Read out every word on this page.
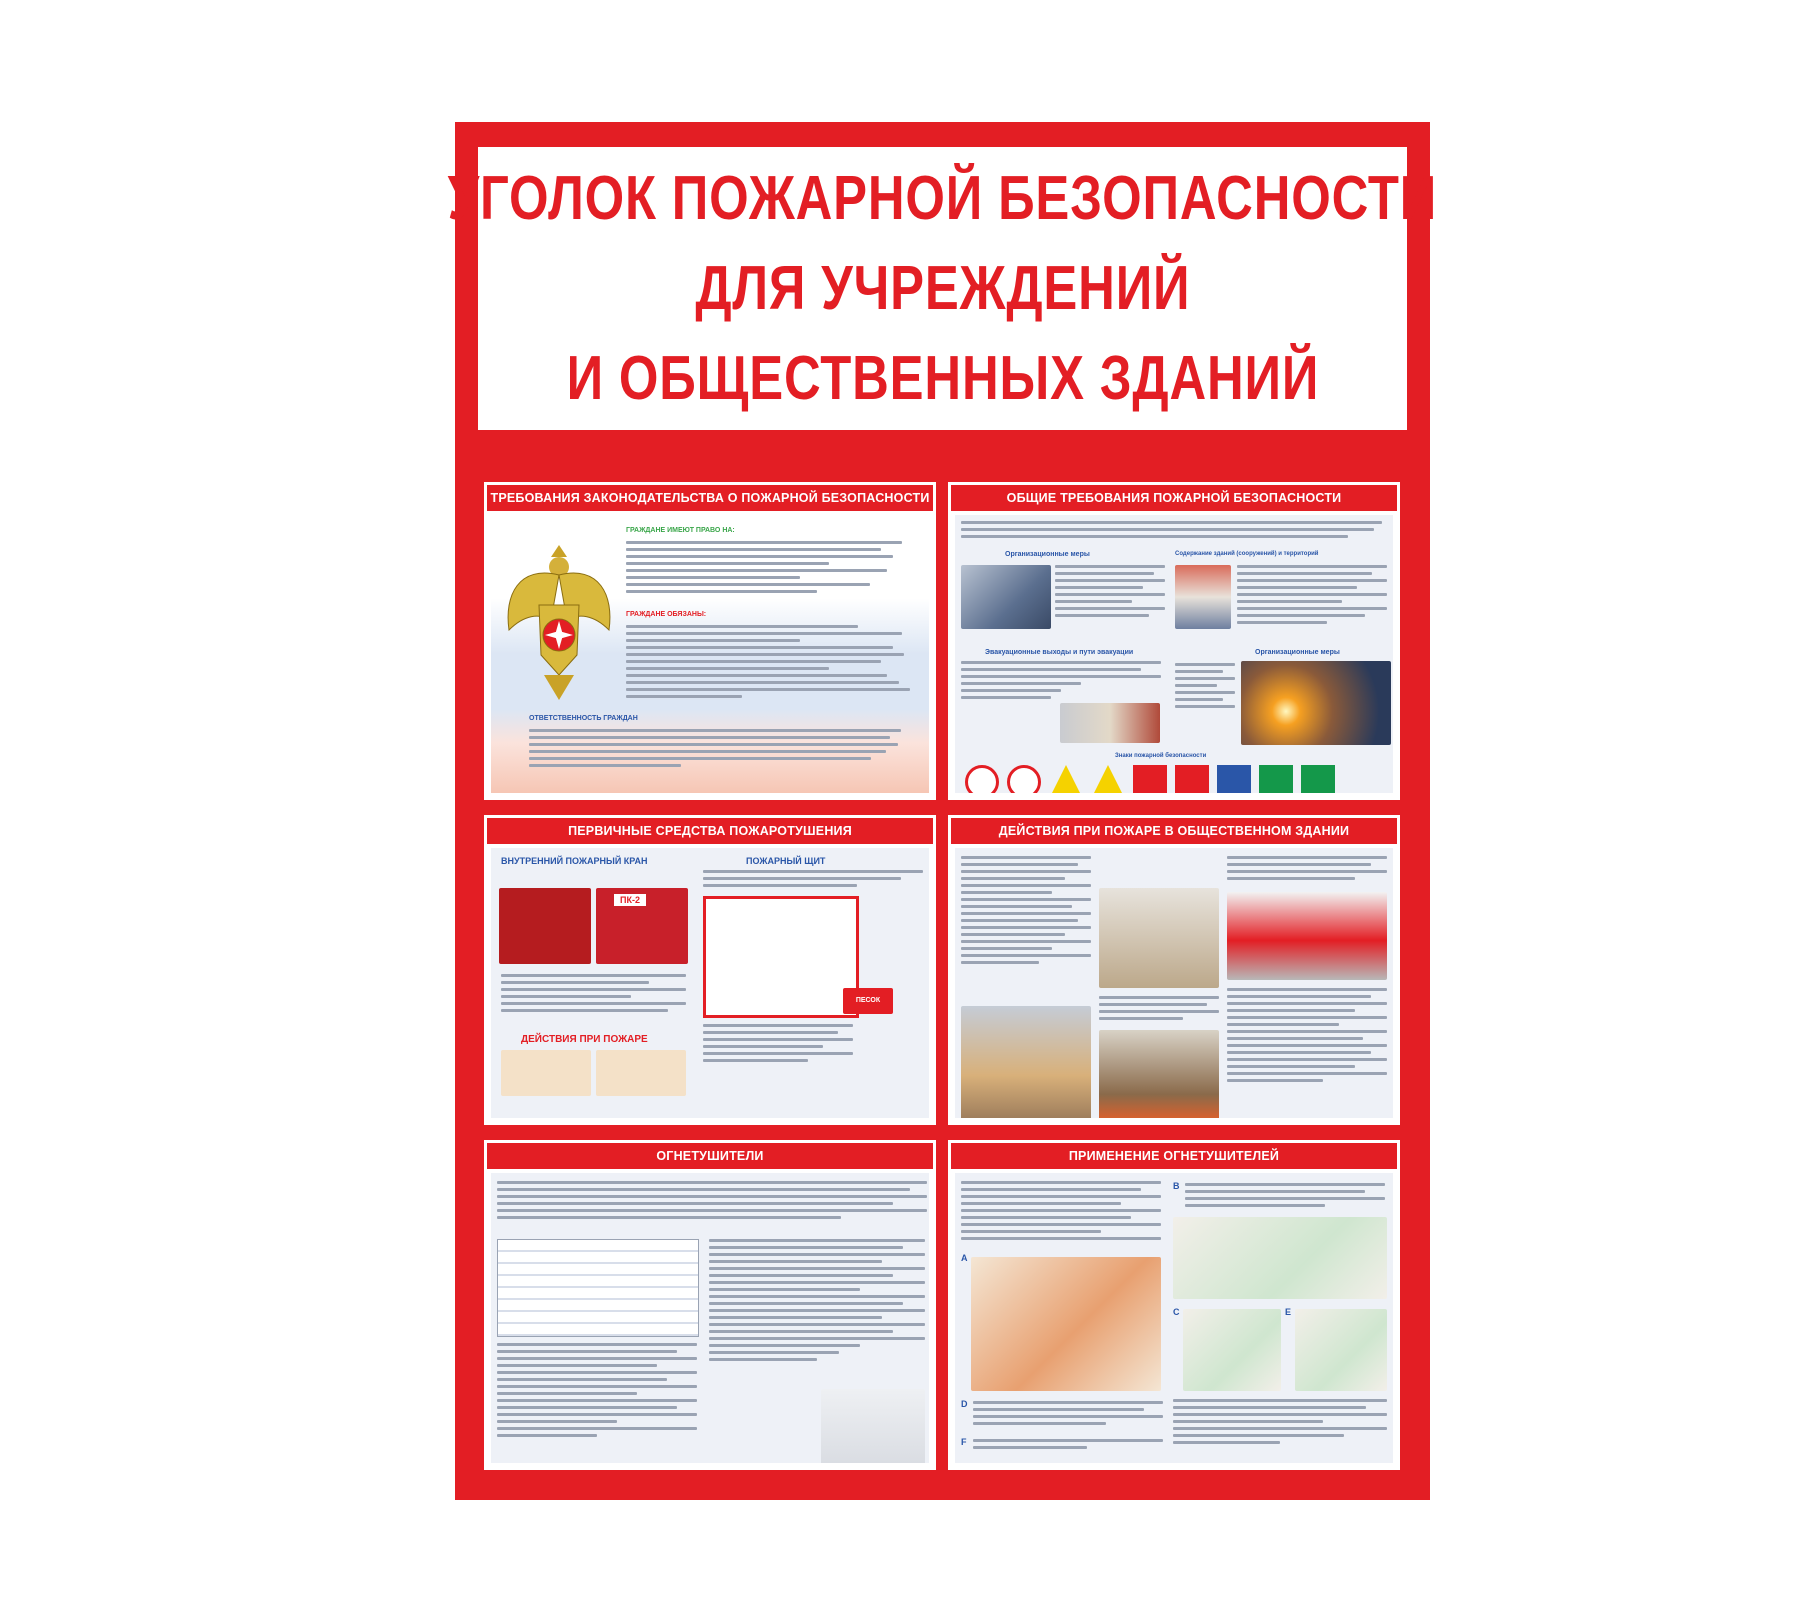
УГОЛОК ПОЖАРНОЙ БЕЗОПАСНОСТИ
ДЛЯ УЧРЕЖДЕНИЙ
И ОБЩЕСТВЕННЫХ ЗДАНИЙ
ТРЕБОВАНИЯ ЗАКОНОДАТЕЛЬСТВА О ПОЖАРНОЙ БЕЗОПАСНОСТИ
ГРАЖДАНЕ ИМЕЮТ ПРАВО НА:
ГРАЖДАНЕ ОБЯЗАНЫ:
ОТВЕТСТВЕННОСТЬ ГРАЖДАН
ОБЩИЕ ТРЕБОВАНИЯ ПОЖАРНОЙ БЕЗОПАСНОСТИ
Организационные меры	Содержание зданий (сооружений) и территорий
Эвакуационные выходы и пути эвакуации	Организационные меры
Знаки пожарной безопасности
ПЕРВИЧНЫЕ СРЕДСТВА ПОЖАРОТУШЕНИЯ
ВНУТРЕННИЙ ПОЖАРНЫЙ КРАН
ПК-2
ДЕЙСТВИЯ ПРИ ПОЖАРЕ
ПОЖАРНЫЙ ЩИТ
ПЕСОК
ДЕЙСТВИЯ ПРИ ПОЖАРЕ В ОБЩЕСТВЕННОМ ЗДАНИИ
ОГНЕТУШИТЕЛИ	ПРИМЕНЕНИЕ ОГНЕТУШИТЕЛЕЙ
A
B
C	E
D
F
